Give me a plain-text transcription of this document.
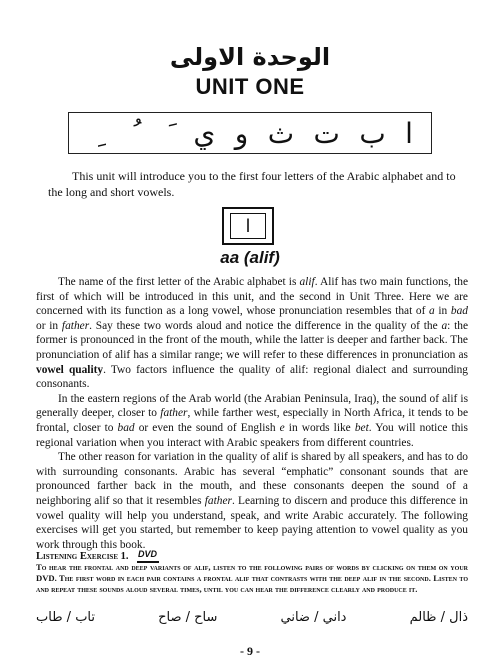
الوحدة الاولى
UNIT ONE
ا
ب
ت
ث
و
ي
This unit will introduce you to the first four letters of the Arabic alphabet and to the long and short vowels.
ا
aa (alif)

The name of the first letter of the Arabic alphabet is alif. Alif has two main functions, the first of which will be introduced in this unit, and the second in Unit Three. Here we are concerned with its function as a long vowel, whose pronunciation resembles that of a in bad or in father. Say these two words aloud and notice the difference in the quality of the a: the former is pronounced in the front of the mouth, while the latter is deeper and farther back. The pronunciation of alif has a similar range; we will refer to these differences in pronunciation as vowel quality. Two factors influence the quality of alif: regional dialect and surrounding consonants.

In the eastern regions of the Arab world (the Arabian Peninsula, Iraq), the sound of alif is generally deeper, closer to father, while farther west, especially in North Africa, it tends to be frontal, closer to bad or even the sound of English e in words like bet. You will notice this regional variation when you interact with Arabic speakers from different countries.

The other reason for variation in the quality of alif is shared by all speakers, and has to do with surrounding consonants. Arabic has several “emphatic” consonant sounds that are pronounced farther back in the mouth, and these consonants deepen the sound of a neighboring alif so that it resembles father. Learning to discern and produce this difference in vowel quality will help you understand, speak, and write Arabic accurately. The following exercises will get you started, but remember to keep paying attention to vowel quality as you work through this book.

Listening Exercise 1. DVD
To hear the frontal and deep variants of alif, listen to the following pairs of words by clicking on them on your DVD. The first word in each pair contains a frontal alif that contrasts with the deep alif in the second. Listen to and repeat these sounds aloud several times, until you can hear the difference clearly and produce it.
تاب / طاب	ساح / صاح	داني / ضاني	ذال / ظالم
- 9 -
